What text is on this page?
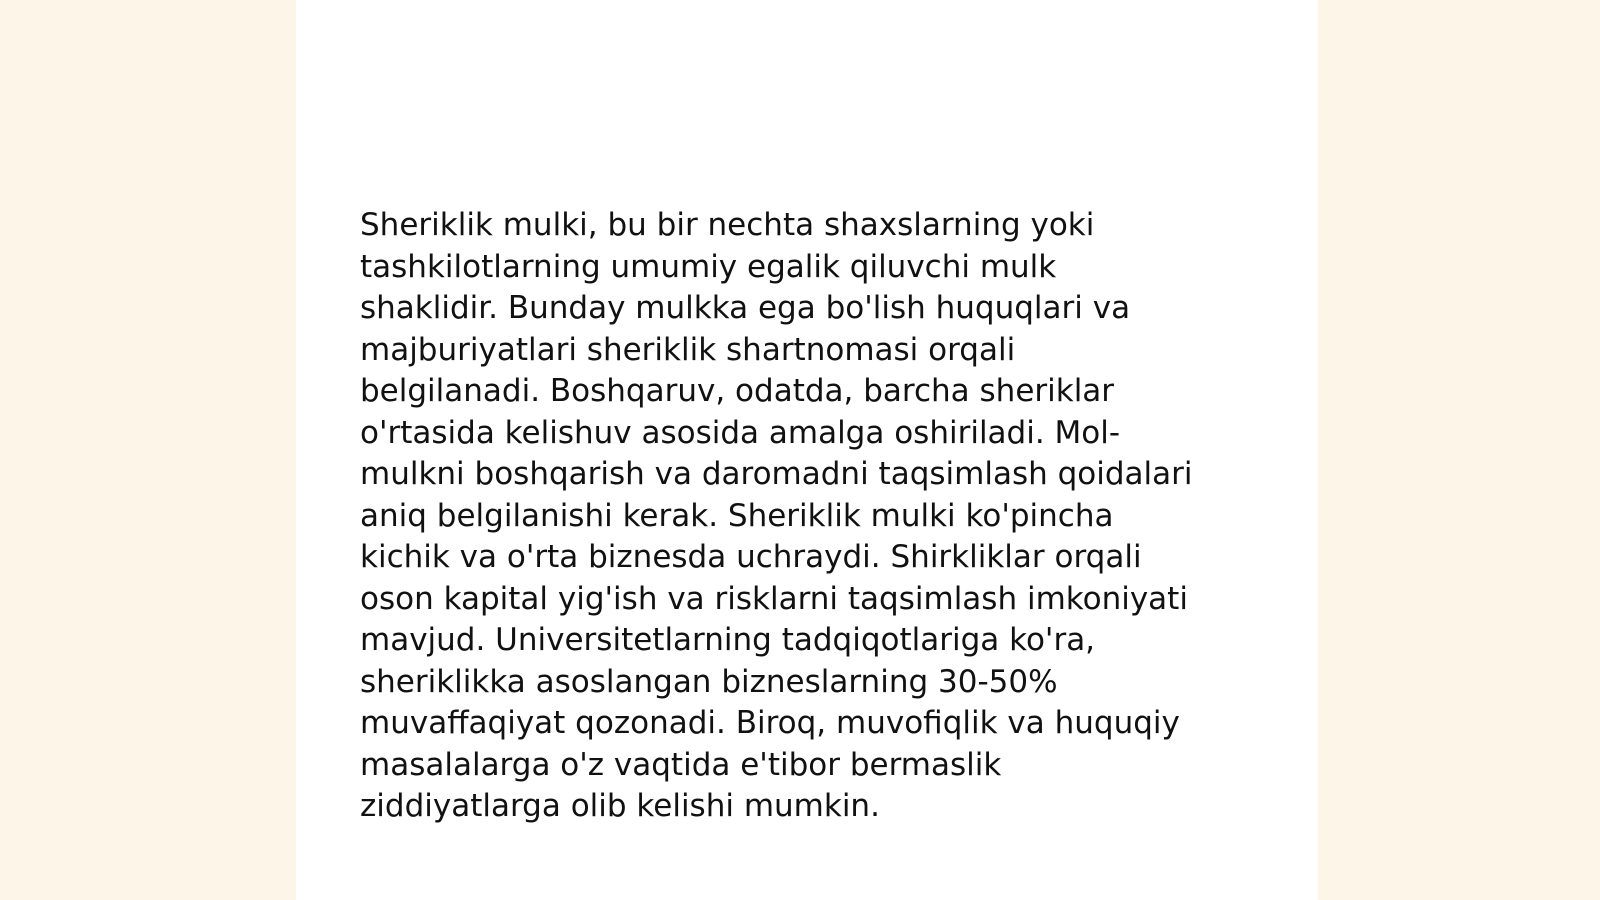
Sheriklik mulki, bu bir nechta shaxslarning yoki
tashkilotlarning umumiy egalik qiluvchi mulk
shaklidir. Bunday mulkka ega bo'lish huquqlari va
majburiyatlari sheriklik shartnomasi orqali
belgilanadi. Boshqaruv, odatda, barcha sheriklar
o'rtasida kelishuv asosida amalga oshiriladi. Mol-
mulkni boshqarish va daromadni taqsimlash qoidalari
aniq belgilanishi kerak. Sheriklik mulki ko'pincha
kichik va o'rta biznesda uchraydi. Shirkliklar orqali
oson kapital yig'ish va risklarni taqsimlash imkoniyati
mavjud. Universitetlarning tadqiqotlariga ko'ra,
sheriklikka asoslangan bizneslarning 30-50%
muvaffaqiyat qozonadi. Biroq, muvofiqlik va huquqiy
masalalarga o'z vaqtida e'tibor bermaslik
ziddiyatlarga olib kelishi mumkin.
